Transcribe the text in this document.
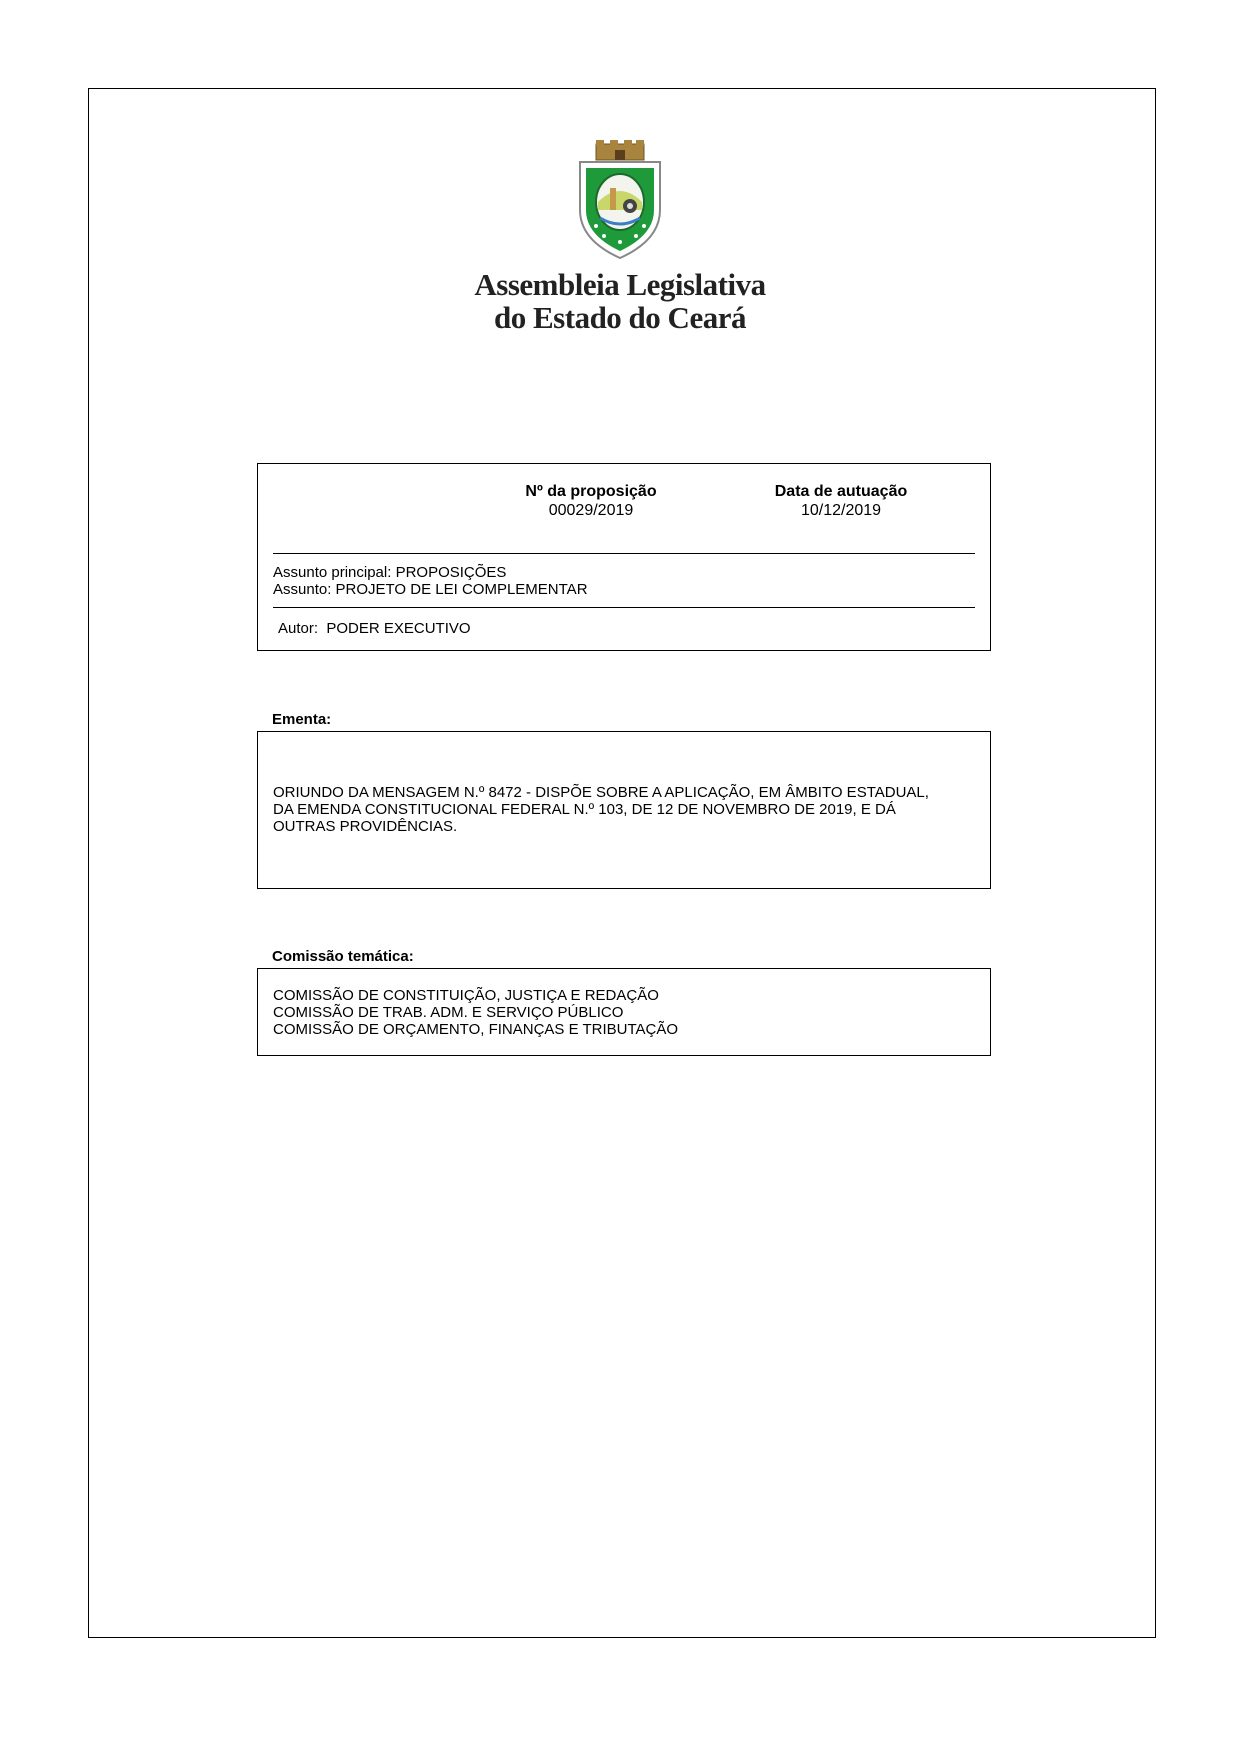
Assembleia Legislativa
do Estado do Ceará
Nº da proposição
00029/2019
Data de autuação
10/12/2019
Assunto principal: PROPOSIÇÕES
Assunto: PROJETO DE LEI COMPLEMENTAR
Autor:  PODER EXECUTIVO
Ementa:
ORIUNDO DA MENSAGEM N.º 8472 - DISPÕE SOBRE A APLICAÇÃO, EM ÂMBITO ESTADUAL,
DA EMENDA CONSTITUCIONAL FEDERAL N.º 103, DE 12 DE NOVEMBRO DE 2019, E DÁ
OUTRAS PROVIDÊNCIAS.
Comissão temática:
COMISSÃO DE CONSTITUIÇÃO, JUSTIÇA E REDAÇÃO
COMISSÃO DE TRAB. ADM. E SERVIÇO PÚBLICO
COMISSÃO DE ORÇAMENTO, FINANÇAS E TRIBUTAÇÃO
